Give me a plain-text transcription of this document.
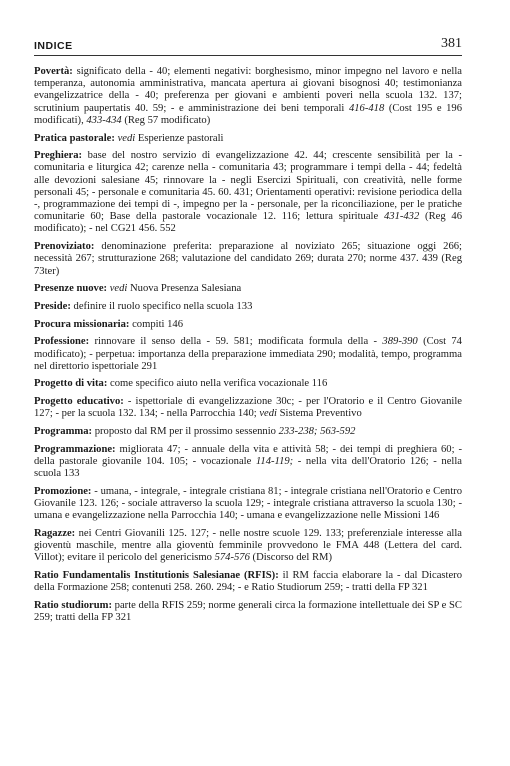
INDICE	381

Povertà: significato della - 40; elementi negativi: borghesismo, minor impegno nel lavoro e nella temperanza, autonomia amministrativa, mancata apertura ai giovani bisognosi 40; testimonianza evangelizzatrice della - 40; preferenza per giovani e ambienti poveri nella scuola 132. 137; scrutinium paupertatis 40. 59; - e amministrazione dei beni temporali 416-418 (Cost 195 e 196 modificati), 433-434 (Reg 57 modificato)

Pratica pastorale: vedi Esperienze pastorali

Preghiera: base del nostro servizio di evangelizzazione 42. 44; crescente sensibilità per la - comunitaria e liturgica 42; carenze nella - comunitaria 43; programmare i tempi della - 44; fedeltà alle devozioni salesiane 45; rinnovare la - negli Esercizi Spirituali, con creatività, nelle forme personali 45; - personale e comunitaria 45. 60. 431; Orientamenti operativi: revisione periodica della -, programmazione dei tempi di -, impegno per la - personale, per la riconciliazione, per le pratiche comunitarie 60; Base della pastorale vocazionale 12. 116; lettura spirituale 431-432 (Reg 46 modificato); - nel CG21 456. 552

Prenoviziato: denominazione preferita: preparazione al noviziato 265; situazione oggi 266; necessità 267; strutturazione 268; valutazione del candidato 269; durata 270; norme 437. 439 (Reg 73ter)

Presenze nuove: vedi Nuova Presenza Salesiana

Preside: definire il ruolo specifico nella scuola 133

Procura missionaria: compiti 146

Professione: rinnovare il senso della - 59. 581; modificata formula della - 389-390 (Cost 74 modificato); - perpetua: importanza della preparazione immediata 290; modalità, tempo, programma nel direttorio ispettoriale 291

Progetto di vita: come specifico aiuto nella verifica vocazionale 116

Progetto educativo: - ispettoriale di evangelizzazione 30c; - per l'Oratorio e il Centro Giovanile 127; - per la scuola 132. 134; - nella Parrocchia 140; vedi Sistema Preventivo

Programma: proposto dal RM per il prossimo sessennio 233-238; 563-592

Programmazione: migliorata 47; - annuale della vita e attività 58; - dei tempi di preghiera 60; - della pastorale giovanile 104. 105; - vocazionale 114-119; - nella vita dell'Oratorio 126; - nella scuola 133

Promozione: - umana, - integrale, - integrale cristiana 81; - integrale cristiana nell'Oratorio e Centro Giovanile 123. 126; - sociale attraverso la scuola 129; - integrale cristiana attraverso la scuola 130; - umana e evangelizzazione nella Parrocchia 140; - umana e evangelizzazione nelle Missioni 146

Ragazze: nei Centri Giovanili 125. 127; - nelle nostre scuole 129. 133; preferenziale interesse alla gioventù maschile, mentre alla gioventù femminile provvedono le FMA 448 (Lettera del card. Villot); evitare il pericolo del genericismo 574-576 (Discorso del RM)

Ratio Fundamentalis Institutionis Salesianae (RFIS): il RM faccia elaborare la - dal Dicastero della Formazione 258; contenuti 258. 260. 294; - e Ratio Studiorum 259; - tratti della FP 321

Ratio studiorum: parte della RFIS 259; norme generali circa la formazione intellettuale dei SP e SC 259; tratti della FP 321
